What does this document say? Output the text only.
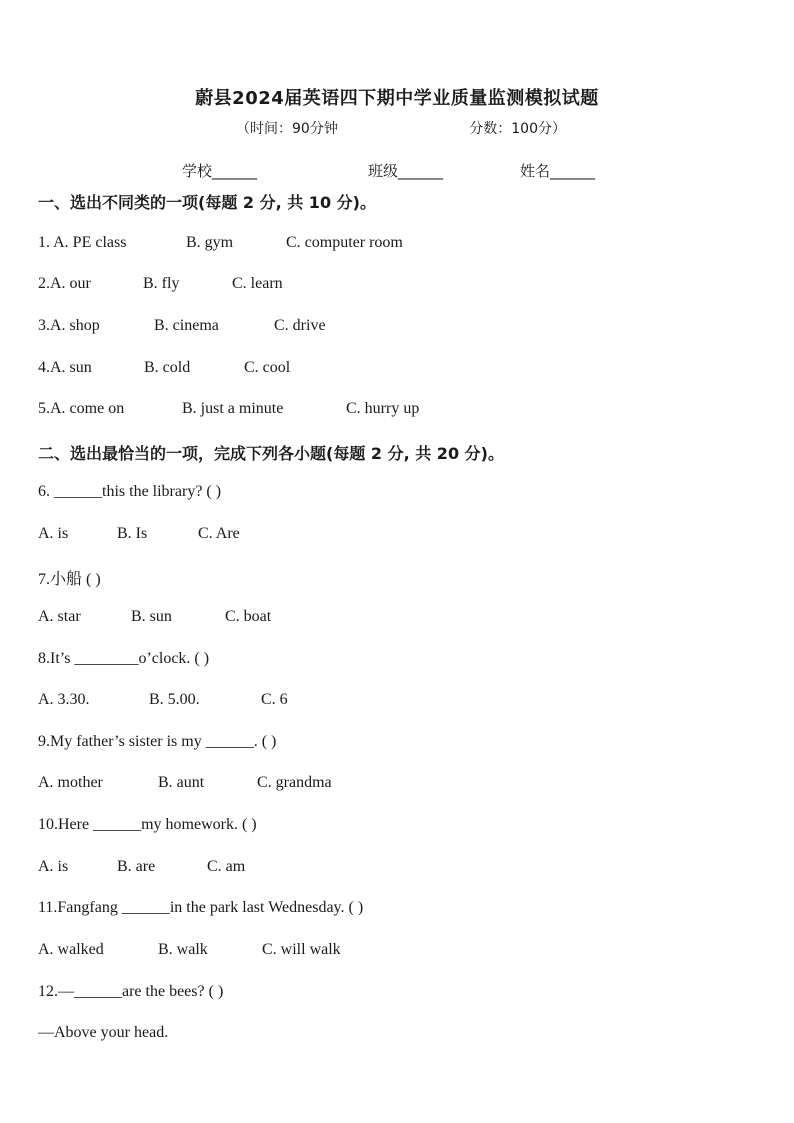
蔚县2024届英语四下期中学业质量监测模拟试题
（时间：90分钟	分数：100分）
学校______	班级______	姓名______
一、选出不同类的一项(每题 2 分, 共 10 分)。
1. A. PE class	B. gym	C. computer room
2.A. our	B. fly	C. learn
3.A. shop	B. cinema	C. drive
4.A. sun	B. cold	C. cool
5.A. come on	B. just a minute	C. hurry up
二、选出最恰当的一项，完成下列各小题(每题 2 分, 共 20 分)。
6. ______this the library? ( )
A. is	B. Is	C. Are
7.小船 ( )
A. star	B. sun	C. boat
8.It’s ________o’clock. ( )
A. 3.30.	B. 5.00.	C. 6
9.My father’s sister is my ______. ( )
A. mother	B. aunt	C. grandma
10.Here ______my homework. ( )
A. is	B. are	C. am
11.Fangfang ______in the park last Wednesday. ( )
A. walked	B. walk	C. will walk
12.—______are the bees? ( )
—Above your head.
